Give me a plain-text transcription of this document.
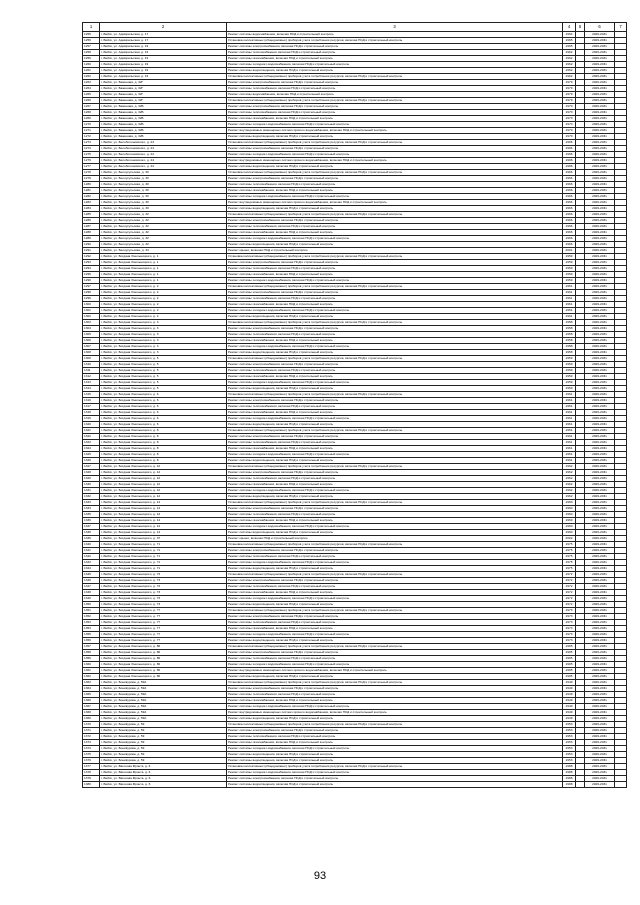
1	2	3	4	5	6	7
1255	г. Бийск, ул. Адмиральская, д. 17	Ремонт системы водоснабжения, включая ПСД и строительный контроль	1964		2029-2031	
1256	г. Бийск, ул. Адмиральская, д. 17	Установка коллективных (общедомовых) приборов учета потребления ресурсов, включая ПСД и строительный контроль	1965		2029-2031	
1257	г. Бийск, ул. Адмиральская, д. 19	Ремонт системы электроснабжения, включая ПСД и строительный контроль	1965		2029-2031	
1258	г. Бийск, ул. Адмиральская, д. 19	Ремонт системы теплоснабжения, включая ПСД и строительный контроль	1962		2029-2031	
1259	г. Бийск, ул. Адмиральская, д. 19	Ремонт системы газоснабжения, включая ПСД и строительный контроль	1962		2029-2031	
1260	г. Бийск, ул. Адмиральская, д. 19	Ремонт системы холодного водоснабжения, включая ПСД и строительный контроль	1962		2029-2031	
1261	г. Бийск, ул. Адмиральская, д. 19	Ремонт системы водоотведения, включая ПСД и строительный контроль	1962		2029-2031	
1262	г. Бийск, ул. Адмиральская, д. 19	Установка коллективных (общедомовых) приборов учета потребления ресурсов, включая ПСД и строительный контроль	1962		2029-2031	
1263	г. Бийск, ул. Баженова, д. 32Г	Ремонт системы электроснабжения, включая ПСД и строительный контроль	1979		2029-2031	
1264	г. Бийск, ул. Баженова, д. 32Г	Ремонт системы теплоснабжения, включая ПСД и строительный контроль	1979		2029-2031	
1265	г. Бийск, ул. Баженова, д. 32Г	Ремонт системы водоснабжения, включая ПСД и строительный контроль	1979		2029-2031	
1266	г. Бийск, ул. Баженова, д. 32Г	Установка коллективных (общедомовых) приборов учета потребления ресурсов, включая ПСД и строительный контроль	1979		2029-2031	
1267	г. Бийск, ул. Баженова, д. 32Б	Ремонт системы электроснабжения, включая ПСД и строительный контроль	1970		2029-2031	
1268	г. Бийск, ул. Баженова, д. 32Б	Ремонт системы теплоснабжения, включая ПСД и строительный контроль	1970		2029-2031	
1269	г. Бийск, ул. Баженова, д. 32Б	Ремонт системы газоснабжения, включая ПСД и строительный контроль	1970		2029-2031	
1270	г. Бийск, ул. Баженова, д. 32Б	Ремонт системы холодного водоснабжения, включая ПСД и строительный контроль	1970		2029-2031	
1271	г. Бийск, ул. Баженова, д. 32Б	Ремонт внутридомовых инженерных систем горячего водоснабжения, включая ПСД и строительный контроль	1970		2029-2031	
1272	г. Бийск, ул. Баженова, д. 32Б	Ремонт системы водоотведения, включая ПСД и строительный контроль	1970		2029-2031	
1273	г. Бийск, ул. Белоболоновского, д. 24	Установка коллективных (общедомовых) приборов учета потребления ресурсов, включая ПСД и строительный контроль	1996		2029-2031	
1274	г. Бийск, ул. Белоболоновского, д. 24	Ремонт системы электроснабжения, включая ПСД и строительный контроль	1996		2029-2031	
1275	г. Бийск, ул. Белоболоновского, д. 24	Ремонт системы холодного водоснабжения, включая ПСД и строительный контроль	1996		2029-2031	
1276	г. Бийск, ул. Белоболоновского, д. 24	Ремонт внутридомовых инженерных систем горячего водоснабжения, включая ПСД и строительный контроль	1996		2029-2031	
1277	г. Бийск, ул. Белоболоновского, д. 24	Ремонт системы водоотведения, включая ПСД и строительный контроль	1996		2029-2031	
1278	г. Бийск, ул. Белоусульская, д. 30	Установка коллективных (общедомовых) приборов учета потребления ресурсов, включая ПСД и строительный контроль	1966		2029-2031	
1279	г. Бийск, ул. Белоусульская, д. 30	Ремонт системы электроснабжения, включая ПСД и строительный контроль	1966		2029-2031	
1280	г. Бийск, ул. Белоусульская, д. 30	Ремонт системы теплоснабжения, включая ПСД и строительный контроль	1966		2029-2031	
1281	г. Бийск, ул. Белоусульская, д. 30	Ремонт системы газоснабжения, включая ПСД и строительный контроль	1966		2029-2031	
1282	г. Бийск, ул. Белоусульская, д. 30	Ремонт системы холодного водоснабжения, включая ПСД и строительный контроль	1966		2029-2031	
1283	г. Бийск, ул. Белоусульская, д. 30	Ремонт внутридомовых инженерных систем горячего водоснабжения, включая ПСД и строительный контроль	1966		2029-2031	
1284	г. Бийск, ул. Белоусульская, д. 30	Ремонт системы водоотведения, включая ПСД и строительный контроль	1966		2029-2031	
1285	г. Бийск, ул. Белоусульская, д. 32	Установка коллективных (общедомовых) приборов учета потребления ресурсов, включая ПСД и строительный контроль	1966		2029-2031	
1286	г. Бийск, ул. Белоусульская, д. 32	Ремонт системы электроснабжения, включая ПСД и строительный контроль	1966		2029-2031	
1287	г. Бийск, ул. Белоусульская, д. 32	Ремонт системы теплоснабжения, включая ПСД и строительный контроль	1966		2029-2031	
1288	г. Бийск, ул. Белоусульская, д. 32	Ремонт системы газоснабжения, включая ПСД и строительный контроль	1966		2029-2031	
1289	г. Бийск, ул. Белоусульская, д. 32	Ремонт системы холодного водоснабжения, включая ПСД и строительный контроль	1966		2029-2031	
1290	г. Бийск, ул. Белоусульская, д. 32	Ремонт системы водоотведения, включая ПСД и строительный контроль	1966		2029-2031	
1291	г. Бийск, ул. Белоусульская, д. 34	Ремонт крыши, включая ПСД и строительный контроль	2001		2029-2031	
1292	г. Бийск, ул. Богдана Хмельницкого, д. 1	Установка коллективных (общедомовых) приборов учета потребления ресурсов, включая ПСД и строительный контроль	1959		2029-2031	
1293	г. Бийск, ул. Богдана Хмельницкого, д. 1	Ремонт системы электроснабжения, включая ПСД и строительный контроль	1959		2029-2031	
1294	г. Бийск, ул. Богдана Хмельницкого, д. 1	Ремонт системы теплоснабжения, включая ПСД и строительный контроль	1959		2029-2031	
1295	г. Бийск, ул. Богдана Хмельницкого, д. 1	Ремонт системы газоснабжения, включая ПСД и строительный контроль	1959		2029-2031	
1296	г. Бийск, ул. Богдана Хмельницкого, д. 1	Ремонт системы холодного водоснабжения, включая ПСД и строительный контроль	1959		2029-2031	
1297	г. Бийск, ул. Богдана Хмельницкого, д. 2	Установка коллективных (общедомовых) приборов учета потребления ресурсов, включая ПСД и строительный контроль	1961		2029-2031	
1298	г. Бийск, ул. Богдана Хмельницкого, д. 2	Ремонт системы электроснабжения, включая ПСД и строительный контроль	1961		2029-2031	
1299	г. Бийск, ул. Богдана Хмельницкого, д. 2	Ремонт системы теплоснабжения, включая ПСД и строительный контроль	1961		2029-2031	
1300	г. Бийск, ул. Богдана Хмельницкого, д. 2	Ремонт системы газоснабжения, включая ПСД и строительный контроль	1961		2029-2031	
1301	г. Бийск, ул. Богдана Хмельницкого, д. 2	Ремонт системы холодного водоснабжения, включая ПСД и строительный контроль	1961		2029-2031	
1302	г. Бийск, ул. Богдана Хмельницкого, д. 2	Ремонт системы водоотведения, включая ПСД и строительный контроль	1961		2029-2031	
1303	г. Бийск, ул. Богдана Хмельницкого, д. 3	Установка коллективных (общедомовых) приборов учета потребления ресурсов, включая ПСД и строительный контроль	1958		2029-2031	
1304	г. Бийск, ул. Богдана Хмельницкого, д. 3	Ремонт системы электроснабжения, включая ПСД и строительный контроль	1958		2029-2031	
1305	г. Бийск, ул. Богдана Хмельницкого, д. 3	Ремонт системы теплоснабжения, включая ПСД и строительный контроль	1958		2029-2031	
1306	г. Бийск, ул. Богдана Хмельницкого, д. 3	Ремонт системы газоснабжения, включая ПСД и строительный контроль	1958		2029-2031	
1307	г. Бийск, ул. Богдана Хмельницкого, д. 3	Ремонт системы холодного водоснабжения, включая ПСД и строительный контроль	1958		2029-2031	
1308	г. Бийск, ул. Богдана Хмельницкого, д. 3	Ремонт системы водоотведения, включая ПСД и строительный контроль	1958		2029-2031	
1309	г. Бийск, ул. Богдана Хмельницкого, д. 5	Установка коллективных (общедомовых) приборов учета потребления ресурсов, включая ПСД и строительный контроль	1959		2029-2031	
1310	г. Бийск, ул. Богдана Хмельницкого, д. 5	Ремонт системы электроснабжения, включая ПСД и строительный контроль	1959		2029-2031	
1311	г. Бийск, ул. Богдана Хмельницкого, д. 5	Ремонт системы теплоснабжения, включая ПСД и строительный контроль	1959		2029-2031	
1312	г. Бийск, ул. Богдана Хмельницкого, д. 5	Ремонт системы газоснабжения, включая ПСД и строительный контроль	1959		2029-2031	
1313	г. Бийск, ул. Богдана Хмельницкого, д. 5	Ремонт системы холодного водоснабжения, включая ПСД и строительный контроль	1959		2029-2031	
1314	г. Бийск, ул. Богдана Хмельницкого, д. 5	Ремонт системы водоотведения, включая ПСД и строительный контроль	1959		2029-2031	
1315	г. Бийск, ул. Богдана Хмельницкого, д. 6	Установка коллективных (общедомовых) приборов учета потребления ресурсов, включая ПСД и строительный контроль	1961		2029-2031	
1316	г. Бийск, ул. Богдана Хмельницкого, д. 6	Ремонт системы электроснабжения, включая ПСД и строительный контроль	1961		2029-2031	
1317	г. Бийск, ул. Богдана Хмельницкого, д. 6	Ремонт системы теплоснабжения, включая ПСД и строительный контроль	1961		2029-2031	
1318	г. Бийск, ул. Богдана Хмельницкого, д. 6	Ремонт системы газоснабжения, включая ПСД и строительный контроль	1961		2029-2031	
1319	г. Бийск, ул. Богдана Хмельницкого, д. 6	Ремонт системы холодного водоснабжения, включая ПСД и строительный контроль	1961		2029-2031	
1320	г. Бийск, ул. Богдана Хмельницкого, д. 6	Ремонт системы водоотведения, включая ПСД и строительный контроль	1961		2029-2031	
1321	г. Бийск, ул. Богдана Хмельницкого, д. 8	Установка коллективных (общедомовых) приборов учета потребления ресурсов, включая ПСД и строительный контроль	1961		2029-2031	
1322	г. Бийск, ул. Богдана Хмельницкого, д. 8	Ремонт системы электроснабжения, включая ПСД и строительный контроль	1961		2029-2031	
1323	г. Бийск, ул. Богдана Хмельницкого, д. 8	Ремонт системы теплоснабжения, включая ПСД и строительный контроль	1961		2029-2031	
1324	г. Бийск, ул. Богдана Хмельницкого, д. 8	Ремонт системы газоснабжения, включая ПСД и строительный контроль	1961		2029-2031	
1325	г. Бийск, ул. Богдана Хмельницкого, д. 8	Ремонт системы холодного водоснабжения, включая ПСД и строительный контроль	1961		2029-2031	
1326	г. Бийск, ул. Богдана Хмельницкого, д. 8	Ремонт системы водоотведения, включая ПСД и строительный контроль	1961		2029-2031	
1327	г. Бийск, ул. Богдана Хмельницкого, д. 12	Установка коллективных (общедомовых) приборов учета потребления ресурсов, включая ПСД и строительный контроль	1962		2029-2031	
1328	г. Бийск, ул. Богдана Хмельницкого, д. 12	Ремонт системы электроснабжения, включая ПСД и строительный контроль	1962		2029-2031	
1329	г. Бийск, ул. Богдана Хмельницкого, д. 12	Ремонт системы теплоснабжения, включая ПСД и строительный контроль	1962		2029-2031	
1330	г. Бийск, ул. Богдана Хмельницкого, д. 12	Ремонт системы газоснабжения, включая ПСД и строительный контроль	1962		2029-2031	
1331	г. Бийск, ул. Богдана Хмельницкого, д. 12	Ремонт системы холодного водоснабжения, включая ПСД и строительный контроль	1962		2029-2031	
1332	г. Бийск, ул. Богдана Хмельницкого, д. 12	Ремонт системы водоотведения, включая ПСД и строительный контроль	1962		2029-2031	
1333	г. Бийск, ул. Богдана Хмельницкого, д. 14	Установка коллективных (общедомовых) приборов учета потребления ресурсов, включая ПСД и строительный контроль	1960		2029-2031	
1334	г. Бийск, ул. Богдана Хмельницкого, д. 14	Ремонт системы электроснабжения, включая ПСД и строительный контроль	1960		2029-2031	
1335	г. Бийск, ул. Богдана Хмельницкого, д. 14	Ремонт системы теплоснабжения, включая ПСД и строительный контроль	1960		2029-2031	
1336	г. Бийск, ул. Богдана Хмельницкого, д. 14	Ремонт системы газоснабжения, включая ПСД и строительный контроль	1960		2029-2031	
1337	г. Бийск, ул. Богдана Хмельницкого, д. 14	Ремонт системы холодного водоснабжения, включая ПСД и строительный контроль	1960		2029-2031	
1338	г. Бийск, ул. Богдана Хмельницкого, д. 14	Ремонт системы водоотведения, включая ПСД и строительный контроль	1960		2029-2031	
1339	г. Бийск, ул. Богдана Хмельницкого, д. 37	Ремонт крыши, включая ПСД и строительный контроль	2002		2029-2031	
1340	г. Бийск, ул. Богдана Хмельницкого, д. 71	Установка коллективных (общедомовых) приборов учета потребления ресурсов, включая ПСД и строительный контроль	1975		2029-2031	
1341	г. Бийск, ул. Богдана Хмельницкого, д. 71	Ремонт системы электроснабжения, включая ПСД и строительный контроль	1975		2029-2031	
1342	г. Бийск, ул. Богдана Хмельницкого, д. 71	Ремонт системы теплоснабжения, включая ПСД и строительный контроль	1975		2029-2031	
1343	г. Бийск, ул. Богдана Хмельницкого, д. 71	Ремонт системы холодного водоснабжения, включая ПСД и строительный контроль	1975		2029-2031	
1344	г. Бийск, ул. Богдана Хмельницкого, д. 71	Ремонт системы водоотведения, включая ПСД и строительный контроль	1975		2029-2031	
1345	г. Бийск, ул. Богдана Хмельницкого, д. 73	Установка коллективных (общедомовых) приборов учета потребления ресурсов, включая ПСД и строительный контроль	1972		2029-2031	
1346	г. Бийск, ул. Богдана Хмельницкого, д. 73	Ремонт системы электроснабжения, включая ПСД и строительный контроль	1972		2029-2031	
1347	г. Бийск, ул. Богдана Хмельницкого, д. 73	Ремонт системы теплоснабжения, включая ПСД и строительный контроль	1972		2029-2031	
1348	г. Бийск, ул. Богдана Хмельницкого, д. 73	Ремонт системы газоснабжения, включая ПСД и строительный контроль	1972		2029-2031	
1349	г. Бийск, ул. Богдана Хмельницкого, д. 73	Ремонт системы холодного водоснабжения, включая ПСД и строительный контроль	1972		2029-2031	
1350	г. Бийск, ул. Богдана Хмельницкого, д. 73	Ремонт системы водоотведения, включая ПСД и строительный контроль	1972		2029-2031	
1351	г. Бийск, ул. Богдана Хмельницкого, д. 77	Установка коллективных (общедомовых) приборов учета потребления ресурсов, включая ПСД и строительный контроль	1973		2029-2031	
1352	г. Бийск, ул. Богдана Хмельницкого, д. 77	Ремонт системы электроснабжения, включая ПСД и строительный контроль	1973		2029-2031	
1353	г. Бийск, ул. Богдана Хмельницкого, д. 77	Ремонт системы теплоснабжения, включая ПСД и строительный контроль	1973		2029-2031	
1354	г. Бийск, ул. Богдана Хмельницкого, д. 77	Ремонт системы газоснабжения, включая ПСД и строительный контроль	1973		2029-2031	
1355	г. Бийск, ул. Богдана Хмельницкого, д. 77	Ремонт системы холодного водоснабжения, включая ПСД и строительный контроль	1973		2029-2031	
1356	г. Бийск, ул. Богдана Хмельницкого, д. 77	Ремонт системы водоотведения, включая ПСД и строительный контроль	1973		2029-2031	
1357	г. Бийск, ул. Богдана Хмельницкого, д. 86	Установка коллективных (общедомовых) приборов учета потребления ресурсов, включая ПСД и строительный контроль	1995		2029-2031	
1358	г. Бийск, ул. Богдана Хмельницкого, д. 86	Ремонт системы электроснабжения, включая ПСД и строительный контроль	1995		2029-2031	
1359	г. Бийск, ул. Богдана Хмельницкого, д. 86	Ремонт системы теплоснабжения, включая ПСД и строительный контроль	1995		2029-2031	
1360	г. Бийск, ул. Богдана Хмельницкого, д. 86	Ремонт системы холодного водоснабжения, включая ПСД и строительный контроль	1995		2029-2031	
1361	г. Бийск, ул. Богдана Хмельницкого, д. 86	Ремонт внутридомовых инженерных систем горячего водоснабжения, включая ПСД и строительный контроль	1995		2029-2031	
1362	г. Бийск, ул. Богдана Хмельницкого, д. 86	Ремонт системы водоотведения, включая ПСД и строительный контроль	1995		2029-2031	
1363	г. Бийск, ул. Бонивурова, д. 59А	Установка коллективных (общедомовых) приборов учета потребления ресурсов, включая ПСД и строительный контроль	1949		2029-2031	
1364	г. Бийск, ул. Бонивурова, д. 59А	Ремонт системы электроснабжения, включая ПСД и строительный контроль	1949		2029-2031	
1365	г. Бийск, ул. Бонивурова, д. 59А	Ремонт системы теплоснабжения, включая ПСД и строительный контроль	1949		2029-2031	
1366	г. Бийск, ул. Бонивурова, д. 59А	Ремонт системы газоснабжения, включая ПСД и строительный контроль	1949		2029-2031	
1367	г. Бийск, ул. Бонивурова, д. 59А	Ремонт системы холодного водоснабжения, включая ПСД и строительный контроль	1949		2029-2031	
1368	г. Бийск, ул. Бонивурова, д. 59А	Ремонт внутридомовых инженерных систем горячего водоснабжения, включая ПСД и строительный контроль	1949		2029-2031	
1369	г. Бийск, ул. Бонивурова, д. 59А	Ремонт системы водоотведения, включая ПСД и строительный контроль	1949		2029-2031	
1370	г. Бийск, ул. Бонивурова, д. 59	Установка коллективных (общедомовых) приборов учета потребления ресурсов, включая ПСД и строительный контроль	1953		2029-2031	
1371	г. Бийск, ул. Бонивурова, д. 59	Ремонт системы электроснабжения, включая ПСД и строительный контроль	1953		2029-2031	
1372	г. Бийск, ул. Бонивурова, д. 59	Ремонт системы теплоснабжения, включая ПСД и строительный контроль	1953		2029-2031	
1373	г. Бийск, ул. Бонивурова, д. 59	Ремонт системы газоснабжения, включая ПСД и строительный контроль	1953		2029-2031	
1374	г. Бийск, ул. Бонивурова, д. 59	Ремонт системы холодного водоснабжения, включая ПСД и строительный контроль	1953		2029-2031	
1375	г. Бийск, ул. Бонивурова, д. 59	Ремонт системы водоотведения, включая ПСД и строительный контроль	1953		2029-2031	
1376	г. Бийск, ул. Бонивурова, д. 59	Ремонт системы водоотведения, включая ПСД и строительный контроль	1953		2029-2031	
1377	г. Бийск, ул. Вагонова Фронта, д. 6	Установка коллективных (общедомовых) приборов учета потребления ресурсов, включая ПСД и строительный контроль	1988		2029-2031	
1378	г. Бийск, ул. Вагонова Фронта, д. 6	Ремонт системы холодного водоснабжения, включая ПСД и строительный контроль	1988		2029-2031	
1379	г. Бийск, ул. Вагонова Фронта, д. 6	Ремонт системы электроснабжения, включая ПСД и строительный контроль	1988		2029-2031	
1380	г. Бийск, ул. Вагонова Фронта, д. 6	Ремонт системы водоотведения, включая ПСД и строительный контроль	1988		2029-2031	
93
